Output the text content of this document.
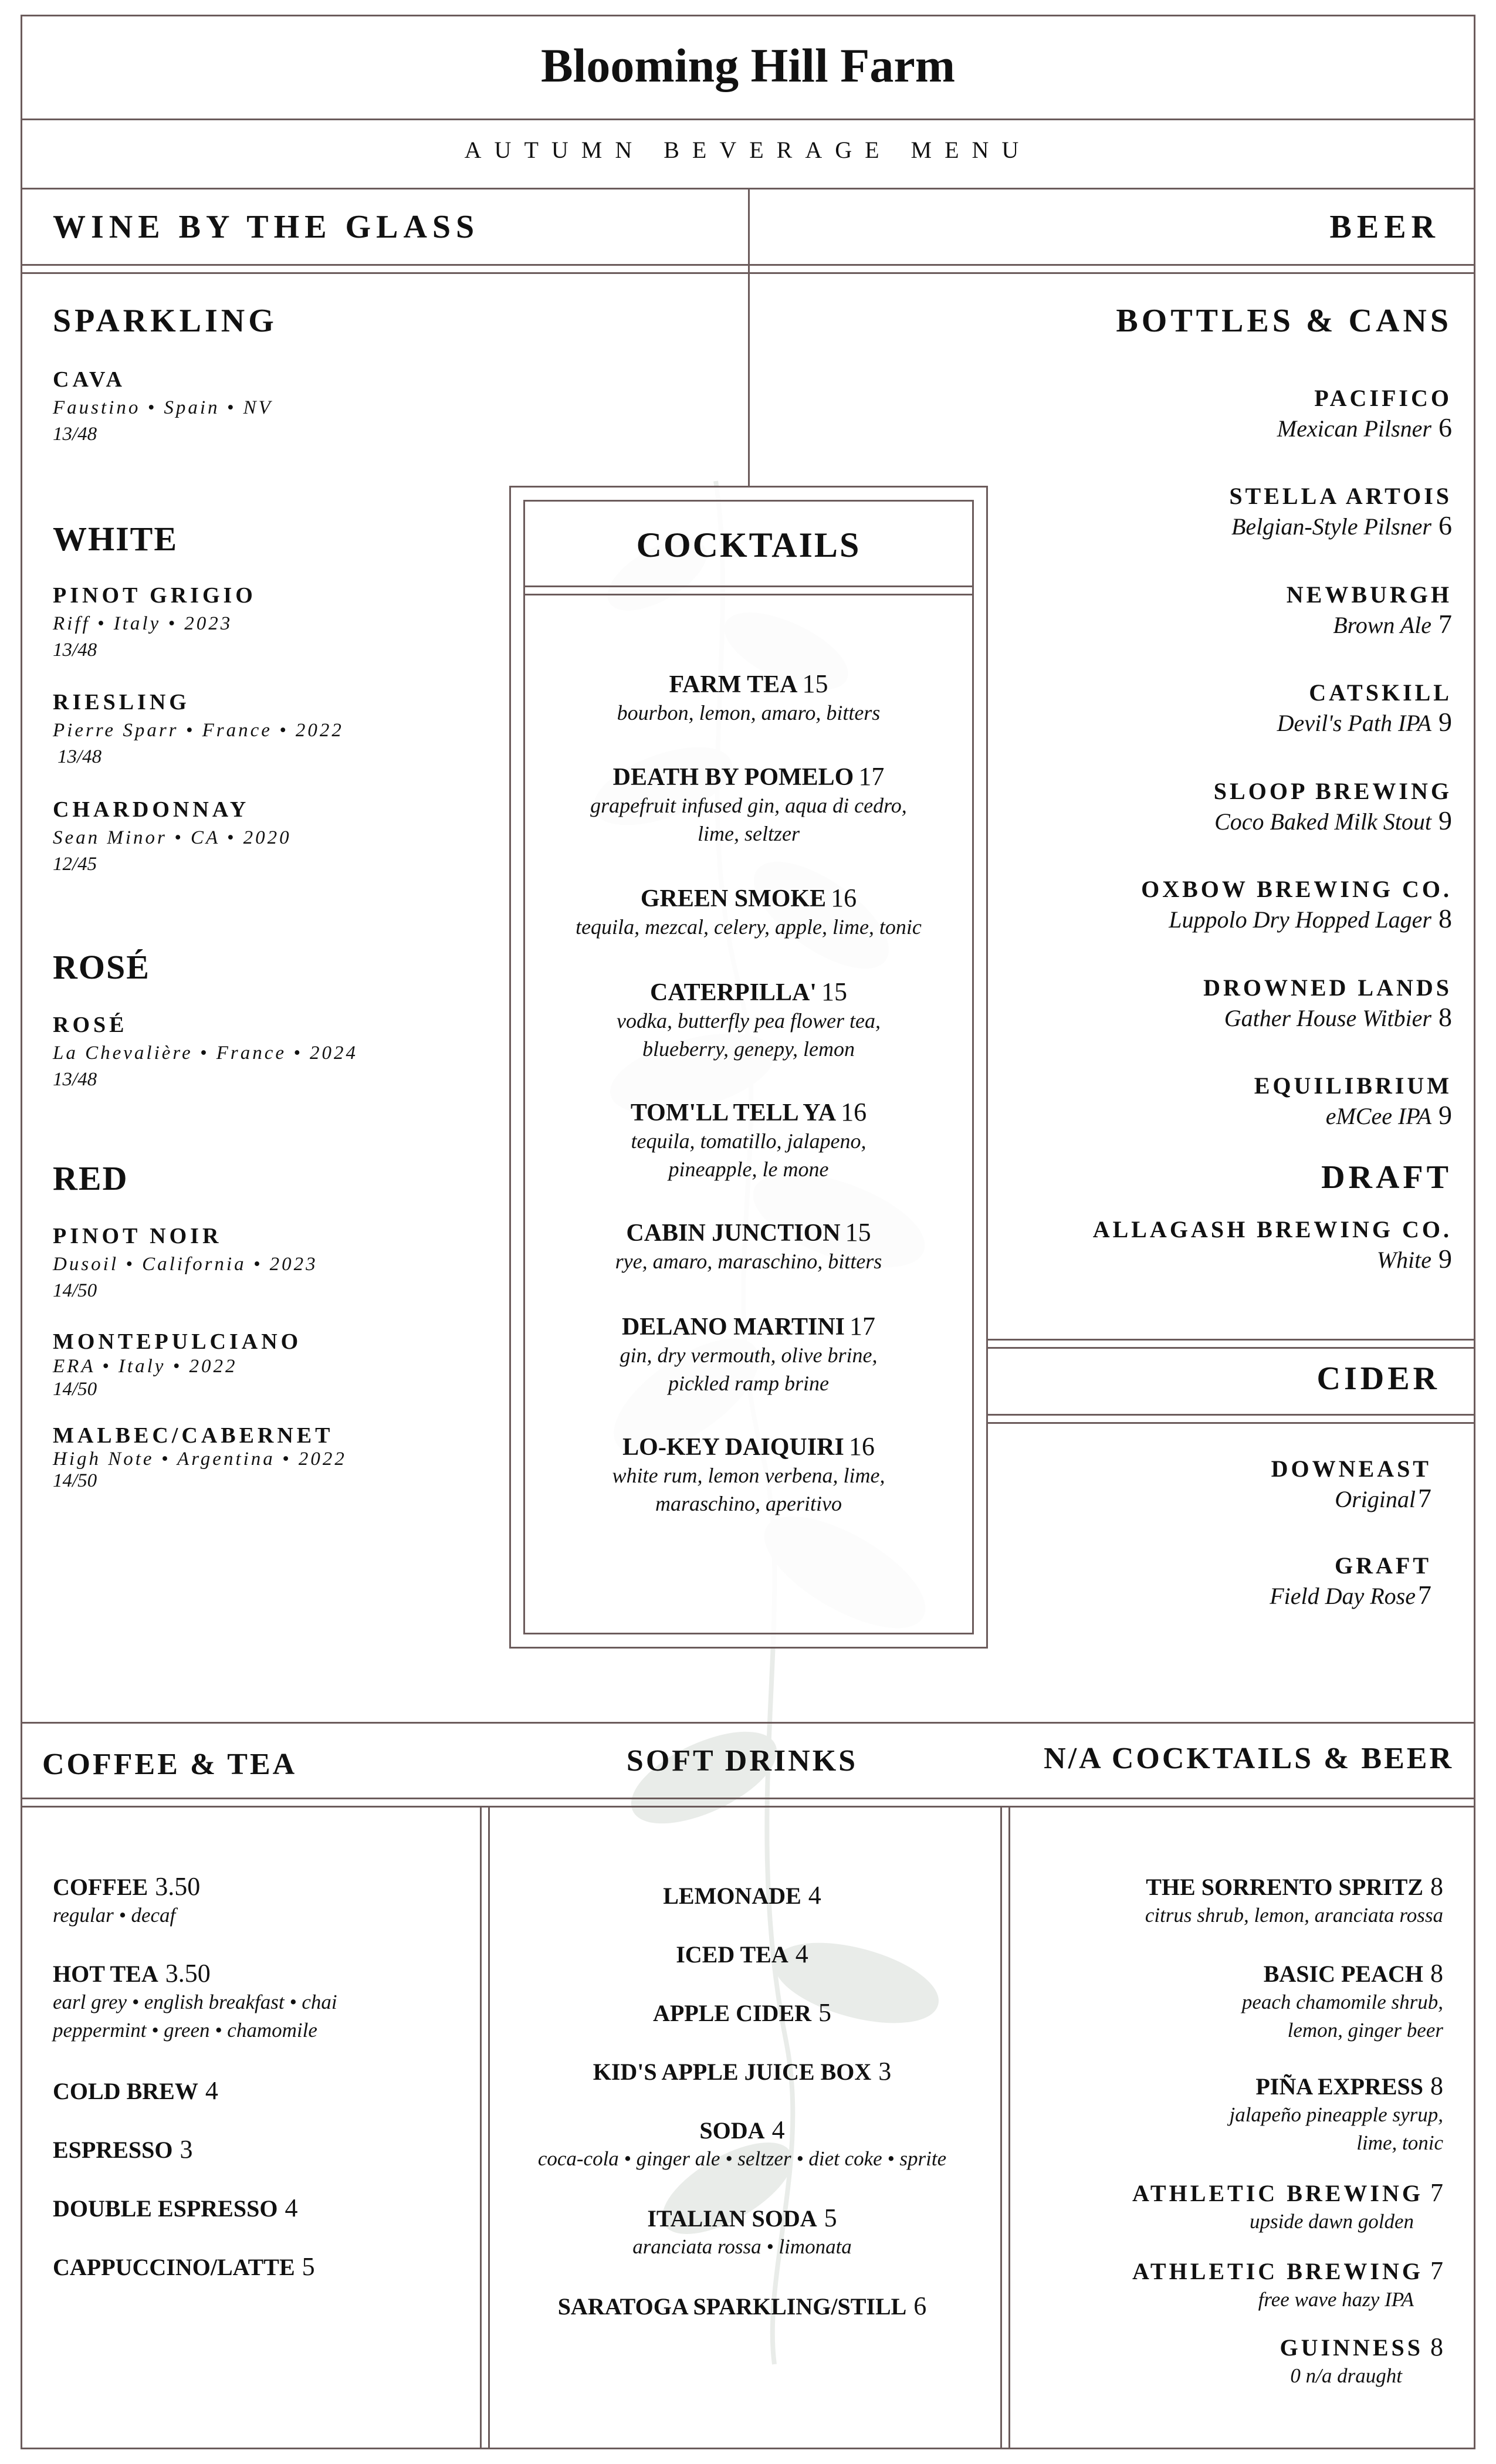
Blooming Hill Farm
AUTUMN BEVERAGE MENU
WINE BY THE GLASS	BEER
SPARKLING
CAVA
Faustino • Spain • NV
13/48
WHITE
PINOT GRIGIO
Riff • Italy • 2023
13/48
RIESLING
Pierre Sparr • France • 2022
13/48
CHARDONNAY
Sean Minor • CA • 2020
12/45
ROSÉ
ROSÉ
La Chevalière • France • 2024
13/48
RED
PINOT NOIR
Dusoil • California • 2023
14/50
MONTEPULCIANO
ERA • Italy • 2022
14/50
MALBEC/CABERNET
High Note • Argentina • 2022
14/50
BOTTLES & CANS
PACIFICO
Mexican Pilsner 6
STELLA ARTOIS
Belgian-Style Pilsner 6
NEWBURGH
Brown Ale 7
CATSKILL
Devil's Path IPA 9
SLOOP BREWING
Coco Baked Milk Stout 9
OXBOW BREWING CO.
Luppolo Dry Hopped Lager 8
DROWNED LANDS
Gather House Witbier 8
EQUILIBRIUM
eMCee IPA 9
DRAFT
ALLAGASH BREWING CO.
White 9
CIDER
DOWNEAST
Original7
GRAFT
Field Day Rose7
COCKTAILS
FARM TEA 15
bourbon, lemon, amaro, bitters
DEATH BY POMELO 17
grapefruit infused gin, aqua di cedro,
lime, seltzer
GREEN SMOKE 16
tequila, mezcal, celery, apple, lime, tonic
CATERPILLA' 15
vodka, butterfly pea flower tea,
blueberry, genepy, lemon
TOM'LL TELL YA 16
tequila, tomatillo, jalapeno,
pineapple, le mone
CABIN JUNCTION 15
rye, amaro, maraschino, bitters
DELANO MARTINI 17
gin, dry vermouth, olive brine,
pickled ramp brine
LO-KEY DAIQUIRI 16
white rum, lemon verbena, lime,
maraschino, aperitivo
COFFEE & TEA	SOFT DRINKS	N/A COCKTAILS & BEER
COFFEE 3.50
regular • decaf
HOT TEA 3.50
earl grey • english breakfast • chai
peppermint • green • chamomile
COLD BREW 4
ESPRESSO 3
DOUBLE ESPRESSO 4
CAPPUCCINO/LATTE 5
LEMONADE 4
ICED TEA 4
APPLE CIDER 5
KID'S APPLE JUICE BOX 3
SODA 4
coca-cola • ginger ale • seltzer • diet coke • sprite
ITALIAN SODA 5
aranciata rossa • limonata
SARATOGA SPARKLING/STILL 6
THE SORRENTO SPRITZ 8
citrus shrub, lemon, aranciata rossa
BASIC PEACH 8
peach chamomile shrub,
lemon, ginger beer
PIÑA EXPRESS 8
jalapeño pineapple syrup,
lime, tonic
ATHLETIC BREWING 7
upside dawn golden
ATHLETIC BREWING 7
free wave hazy IPA
GUINNESS 8
0 n/a draught
